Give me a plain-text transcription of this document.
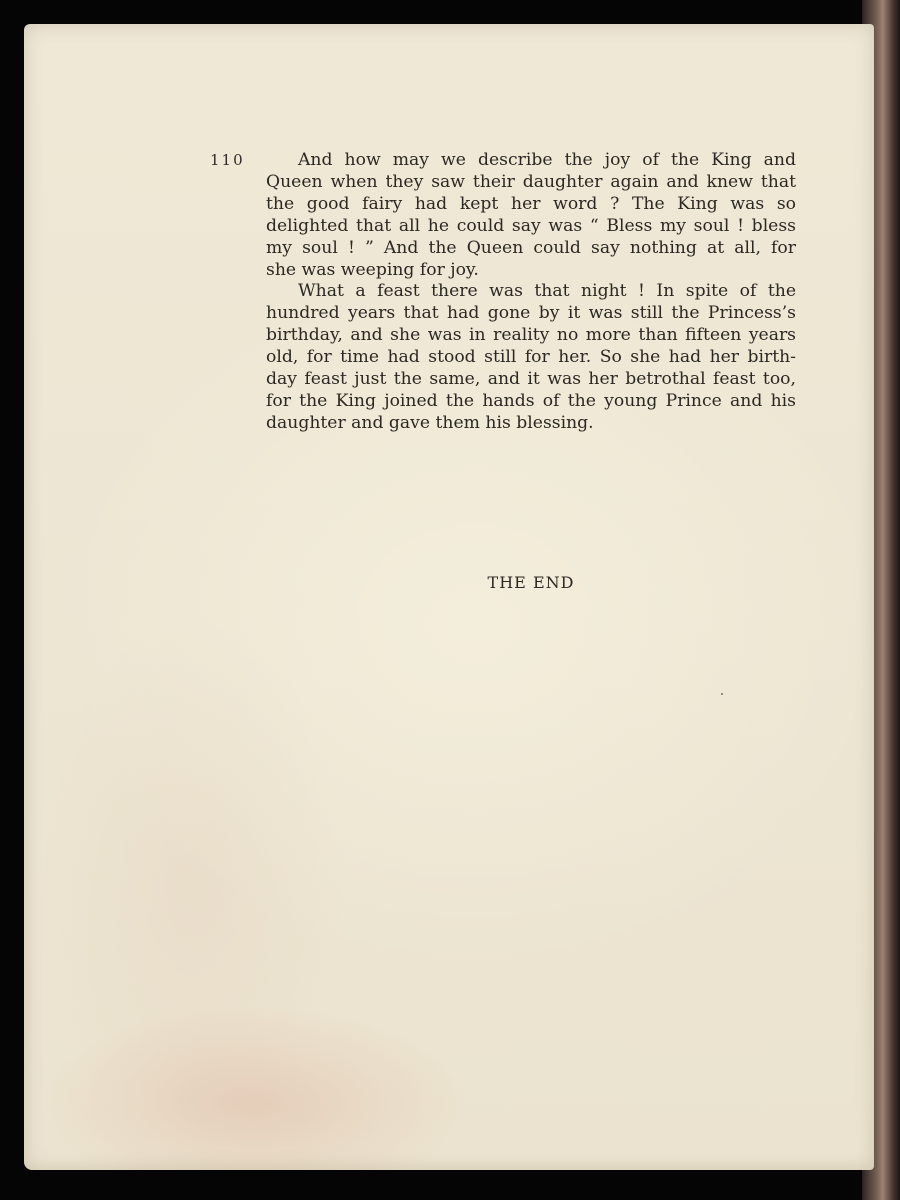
110	And how may we describe the joy of the King and
Queen when they saw their daughter again and knew that
the good fairy had kept her word ? The King was so
delighted that all he could say was “ Bless my soul ! bless
my soul ! ” And the Queen could say nothing at all, for
she was weeping for joy.
What a feast there was that night ! In spite of the
hundred years that had gone by it was still the Princess’s
birthday, and she was in reality no more than fifteen years
old, for time had stood still for her. So she had her birth-
day feast just the same, and it was her betrothal feast too,
for the King joined the hands of the young Prince and his
daughter and gave them his blessing.
THE END
